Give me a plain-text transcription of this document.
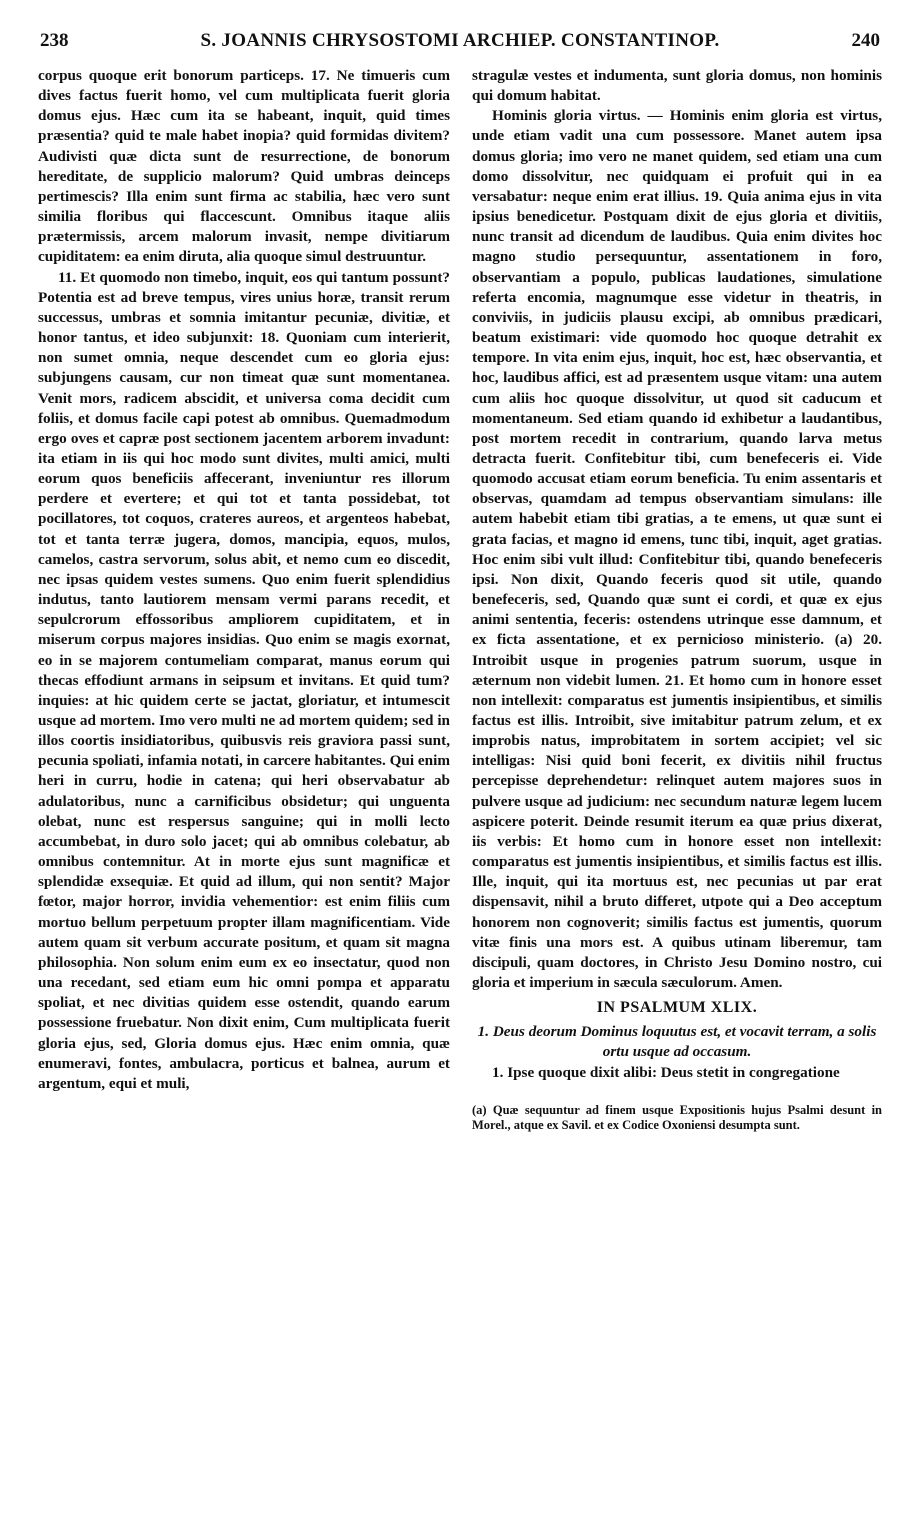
238	S. JOANNIS CHRYSOSTOMI ARCHIEP. CONSTANTINOP.	240

corpus quoque erit bonorum particeps. 17. Ne timueris cum dives factus fuerit homo, vel cum multiplicata fuerit gloria domus ejus. Hæc cum ita se habeant, inquit, quid times præsentia? quid te male habet inopia? quid formidas divitem? Audivisti quæ dicta sunt de resurrectione, de bonorum hereditate, de supplicio malorum? Quid umbras deinceps pertimescis? Illa enim sunt firma ac stabilia, hæc vero sunt similia floribus qui flaccescunt. Omnibus itaque aliis prætermissis, arcem malorum invasit, nempe divitiarum cupiditatem: ea enim diruta, alia quoque simul destruuntur.

11. Et quomodo non timebo, inquit, eos qui tantum possunt? Potentia est ad breve tempus, vires unius horæ, transit rerum successus, umbras et somnia imitantur pecuniæ, divitiæ, et honor tantus, et ideo subjunxit: 18. Quoniam cum interierit, non sumet omnia, neque descendet cum eo gloria ejus: subjungens causam, cur non timeat quæ sunt momentanea. Venit mors, radicem abscidit, et universa coma decidit cum foliis, et domus facile capi potest ab omnibus. Quemadmodum ergo oves et capræ post sectionem jacentem arborem invadunt: ita etiam in iis qui hoc modo sunt divites, multi amici, multi eorum quos beneficiis affecerant, inveniuntur res illorum perdere et evertere; et qui tot et tanta possidebat, tot pocillatores, tot coquos, crateres aureos, et argenteos habebat, tot et tanta terræ jugera, domos, mancipia, equos, mulos, camelos, castra servorum, solus abit, et nemo cum eo discedit, nec ipsas quidem vestes sumens. Quo enim fuerit splendidius indutus, tanto lautiorem mensam vermi parans recedit, et sepulcrorum effossoribus ampliorem cupiditatem, et in miserum corpus majores insidias. Quo enim se magis exornat, eo in se majorem contumeliam comparat, manus eorum qui thecas effodiunt armans in seipsum et invitans. Et quid tum? inquies: at hic quidem certe se jactat, gloriatur, et intumescit usque ad mortem. Imo vero multi ne ad mortem quidem; sed in illos coortis insidiatoribus, quibusvis reis graviora passi sunt, pecunia spoliati, infamia notati, in carcere habitantes. Qui enim heri in curru, hodie in catena; qui heri observabatur ab adulatoribus, nunc a carnificibus obsidetur; qui unguenta olebat, nunc est respersus sanguine; qui in molli lecto accumbebat, in duro solo jacet; qui ab omnibus colebatur, ab omnibus contemnitur. At in morte ejus sunt magnificæ et splendidæ exsequiæ. Et quid ad illum, qui non sentit? Major fœtor, major horror, invidia vehementior: est enim filiis cum mortuo bellum perpetuum propter illam magnificentiam. Vide autem quam sit verbum accurate positum, et quam sit magna philosophia. Non solum enim eum ex eo insectatur, quod non una recedant, sed etiam eum hic omni pompa et apparatu spoliat, et nec divitias quidem esse ostendit, quando earum possessione fruebatur. Non dixit enim, Cum multiplicata fuerit gloria ejus, sed, Gloria domus ejus. Hæc enim omnia, quæ enumeravi, fontes, ambulacra, porticus et balnea, aurum et argentum, equi et muli,

stragulæ vestes et indumenta, sunt gloria domus, non hominis qui domum habitat.

Hominis gloria virtus. — Hominis enim gloria est virtus, unde etiam vadit una cum possessore. Manet autem ipsa domus gloria; imo vero ne manet quidem, sed etiam una cum domo dissolvitur, nec quidquam ei profuit qui in ea versabatur: neque enim erat illius. 19. Quia anima ejus in vita ipsius benedicetur. Postquam dixit de ejus gloria et divitiis, nunc transit ad dicendum de laudibus. Quia enim divites hoc magno studio persequuntur, assentationem in foro, observantiam a populo, publicas laudationes, simulatione referta encomia, magnumque esse videtur in theatris, in conviviis, in judiciis plausu excipi, ab omnibus prædicari, beatum existimari: vide quomodo hoc quoque detrahit ex tempore. In vita enim ejus, inquit, hoc est, hæc observantia, et hoc, laudibus affici, est ad præsentem usque vitam: una autem cum aliis hoc quoque dissolvitur, ut quod sit caducum et momentaneum. Sed etiam quando id exhibetur a laudantibus, post mortem recedit in contrarium, quando larva metus detracta fuerit. Confitebitur tibi, cum benefeceris ei. Vide quomodo accusat etiam eorum beneficia. Tu enim assentaris et observas, quamdam ad tempus observantiam simulans: ille autem habebit etiam tibi gratias, a te emens, ut quæ sunt ei grata facias, et magno id emens, tunc tibi, inquit, aget gratias. Hoc enim sibi vult illud: Confitebitur tibi, quando benefeceris ipsi. Non dixit, Quando feceris quod sit utile, quando benefeceris, sed, Quando quæ sunt ei cordi, et quæ ex ejus animi sententia, feceris: ostendens utrinque esse damnum, et ex ficta assentatione, et ex pernicioso ministerio. (a) 20. Introibit usque in progenies patrum suorum, usque in æternum non videbit lumen. 21. Et homo cum in honore esset non intellexit: comparatus est jumentis insipientibus, et similis factus est illis. Introibit, sive imitabitur patrum zelum, et ex improbis natus, improbitatem in sortem accipiet; vel sic intelligas: Nisi quid boni fecerit, ex divitiis nihil fructus percepisse deprehendetur: relinquet autem majores suos in pulvere usque ad judicium: nec secundum naturæ legem lucem aspicere poterit. Deinde resumit iterum ea quæ prius dixerat, iis verbis: Et homo cum in honore esset non intellexit: comparatus est jumentis insipientibus, et similis factus est illis. Ille, inquit, qui ita mortuus est, nec pecunias ut par erat dispensavit, nihil a bruto differet, utpote qui a Deo acceptum honorem non cognoverit; similis factus est jumentis, quorum vitæ finis una mors est. A quibus utinam liberemur, tam discipuli, quam doctores, in Christo Jesu Domino nostro, cui gloria et imperium in sæcula sæculorum. Amen.

IN PSALMUM XLIX.

1. Deus deorum Dominus loquutus est, et vocavit terram, a solis ortu usque ad occasum.

1. Ipse quoque dixit alibi: Deus stetit in congregatione

(a) Quæ sequuntur ad finem usque Expositionis hujus Psalmi desunt in Morel., atque ex Savil. et ex Codice Oxoniensi desumpta sunt.
